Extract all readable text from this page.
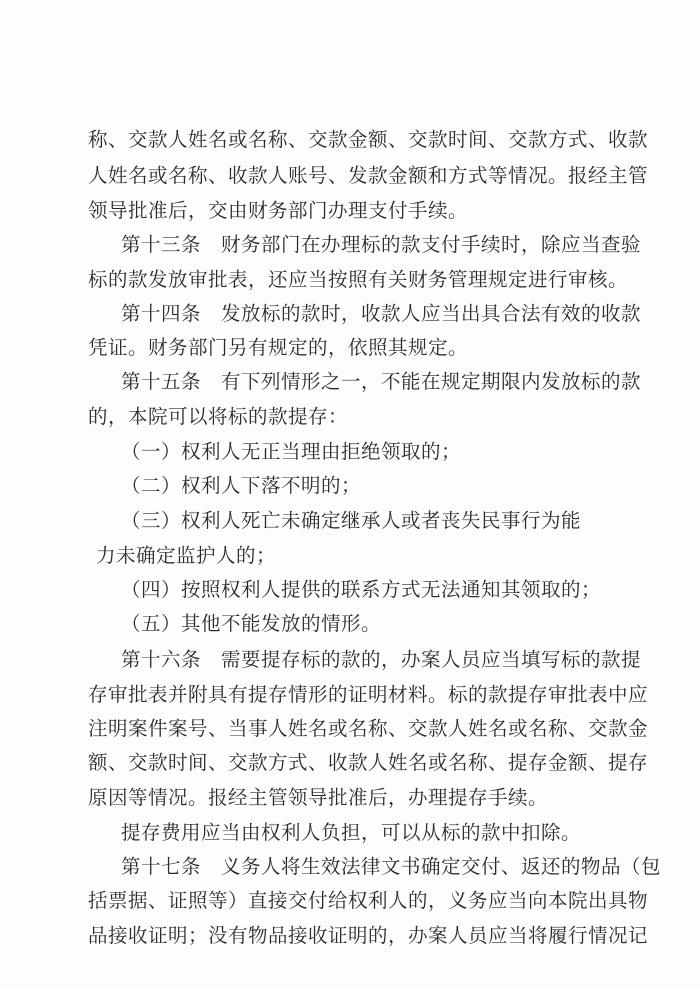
称、交款人姓名或名称、交款金额、交款时间、交款方式、收款
人姓名或名称、收款人账号、发款金额和方式等情况。报经主管
领导批准后，交由财务部门办理支付手续。
第十三条　财务部门在办理标的款支付手续时，除应当查验
标的款发放审批表，还应当按照有关财务管理规定进行审核。
第十四条　发放标的款时，收款人应当出具合法有效的收款
凭证。财务部门另有规定的，依照其规定。
第十五条　有下列情形之一，不能在规定期限内发放标的款
的，本院可以将标的款提存：
（一）权利人无正当理由拒绝领取的；
（二）权利人下落不明的；
（三）权利人死亡未确定继承人或者丧失民事行为能
力未确定监护人的；
（四）按照权利人提供的联系方式无法通知其领取的；
（五）其他不能发放的情形。
第十六条　需要提存标的款的，办案人员应当填写标的款提
存审批表并附具有提存情形的证明材料。标的款提存审批表中应
注明案件案号、当事人姓名或名称、交款人姓名或名称、交款金
额、交款时间、交款方式、收款人姓名或名称、提存金额、提存
原因等情况。报经主管领导批准后，办理提存手续。
提存费用应当由权利人负担，可以从标的款中扣除。
第十七条　义务人将生效法律文书确定交付、返还的物品（包
括票据、证照等）直接交付给权利人的，义务应当向本院出具物
品接收证明；没有物品接收证明的，办案人员应当将履行情况记
